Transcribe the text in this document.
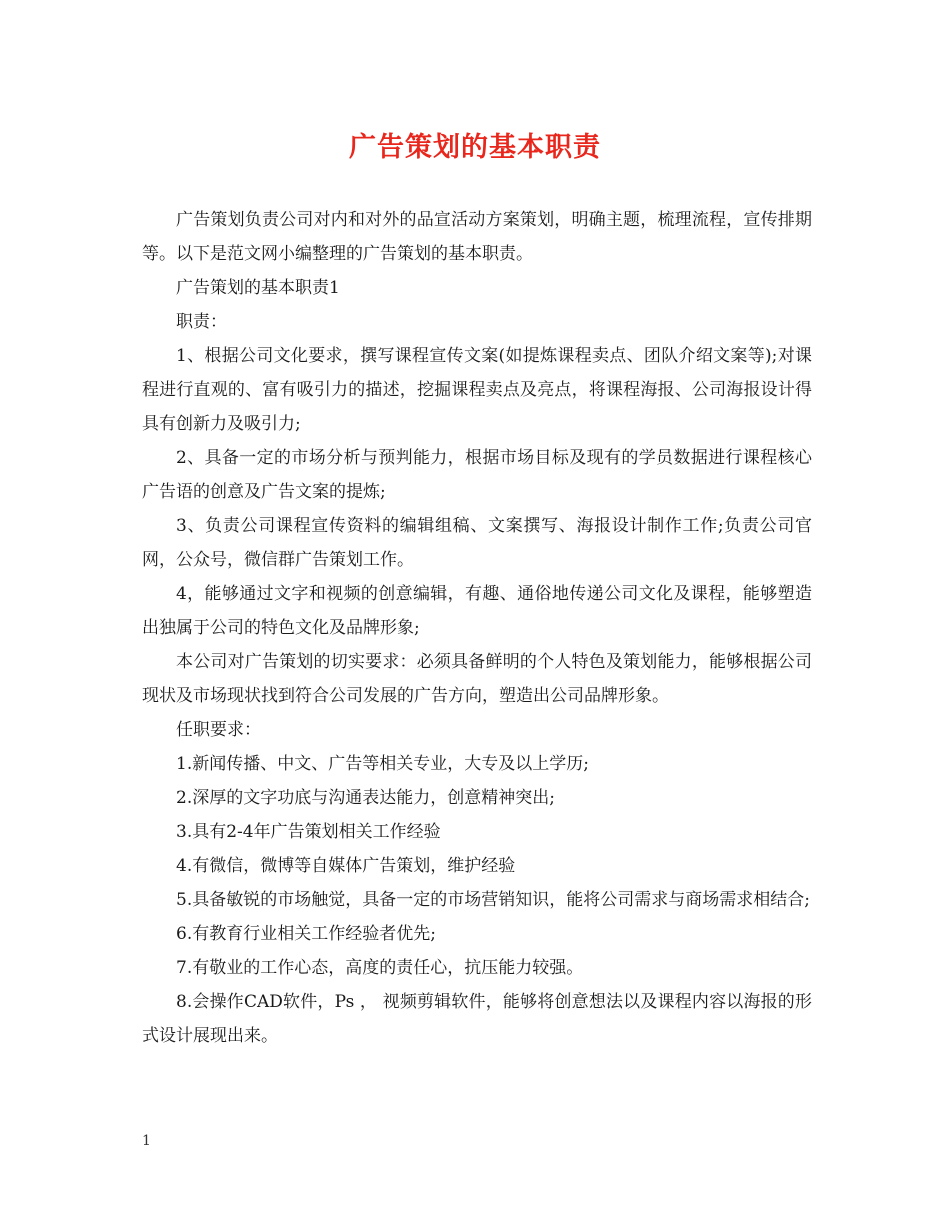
广告策划的基本职责

广告策划负责公司对内和对外的品宣活动方案策划，明确主题，梳理流程，宣传排期等。以下是范文网小编整理的广告策划的基本职责。

广告策划的基本职责1

职责：

1、根据公司文化要求，撰写课程宣传文案(如提炼课程卖点、团队介绍文案等);对课程进行直观的、富有吸引力的描述，挖掘课程卖点及亮点，将课程海报、公司海报设计得具有创新力及吸引力;

2、具备一定的市场分析与预判能力，根据市场目标及现有的学员数据进行课程核心广告语的创意及广告文案的提炼;

3、负责公司课程宣传资料的编辑组稿、文案撰写、海报设计制作工作;负责公司官网，公众号，微信群广告策划工作。

4，能够通过文字和视频的创意编辑，有趣、通俗地传递公司文化及课程，能够塑造出独属于公司的特色文化及品牌形象;

本公司对广告策划的切实要求：必须具备鲜明的个人特色及策划能力，能够根据公司现状及市场现状找到符合公司发展的广告方向，塑造出公司品牌形象。

任职要求：

1.新闻传播、中文、广告等相关专业，大专及以上学历;

2.深厚的文字功底与沟通表达能力，创意精神突出;

3.具有2-4年广告策划相关工作经验

4.有微信，微博等自媒体广告策划，维护经验

5.具备敏锐的市场触觉，具备一定的市场营销知识，能将公司需求与商场需求相结合;

6.有教育行业相关工作经验者优先;

7.有敬业的工作心态，高度的责任心，抗压能力较强。

8.会操作CAD软件，Ps ， 视频剪辑软件，能够将创意想法以及课程内容以海报的形式设计展现出来。

1
